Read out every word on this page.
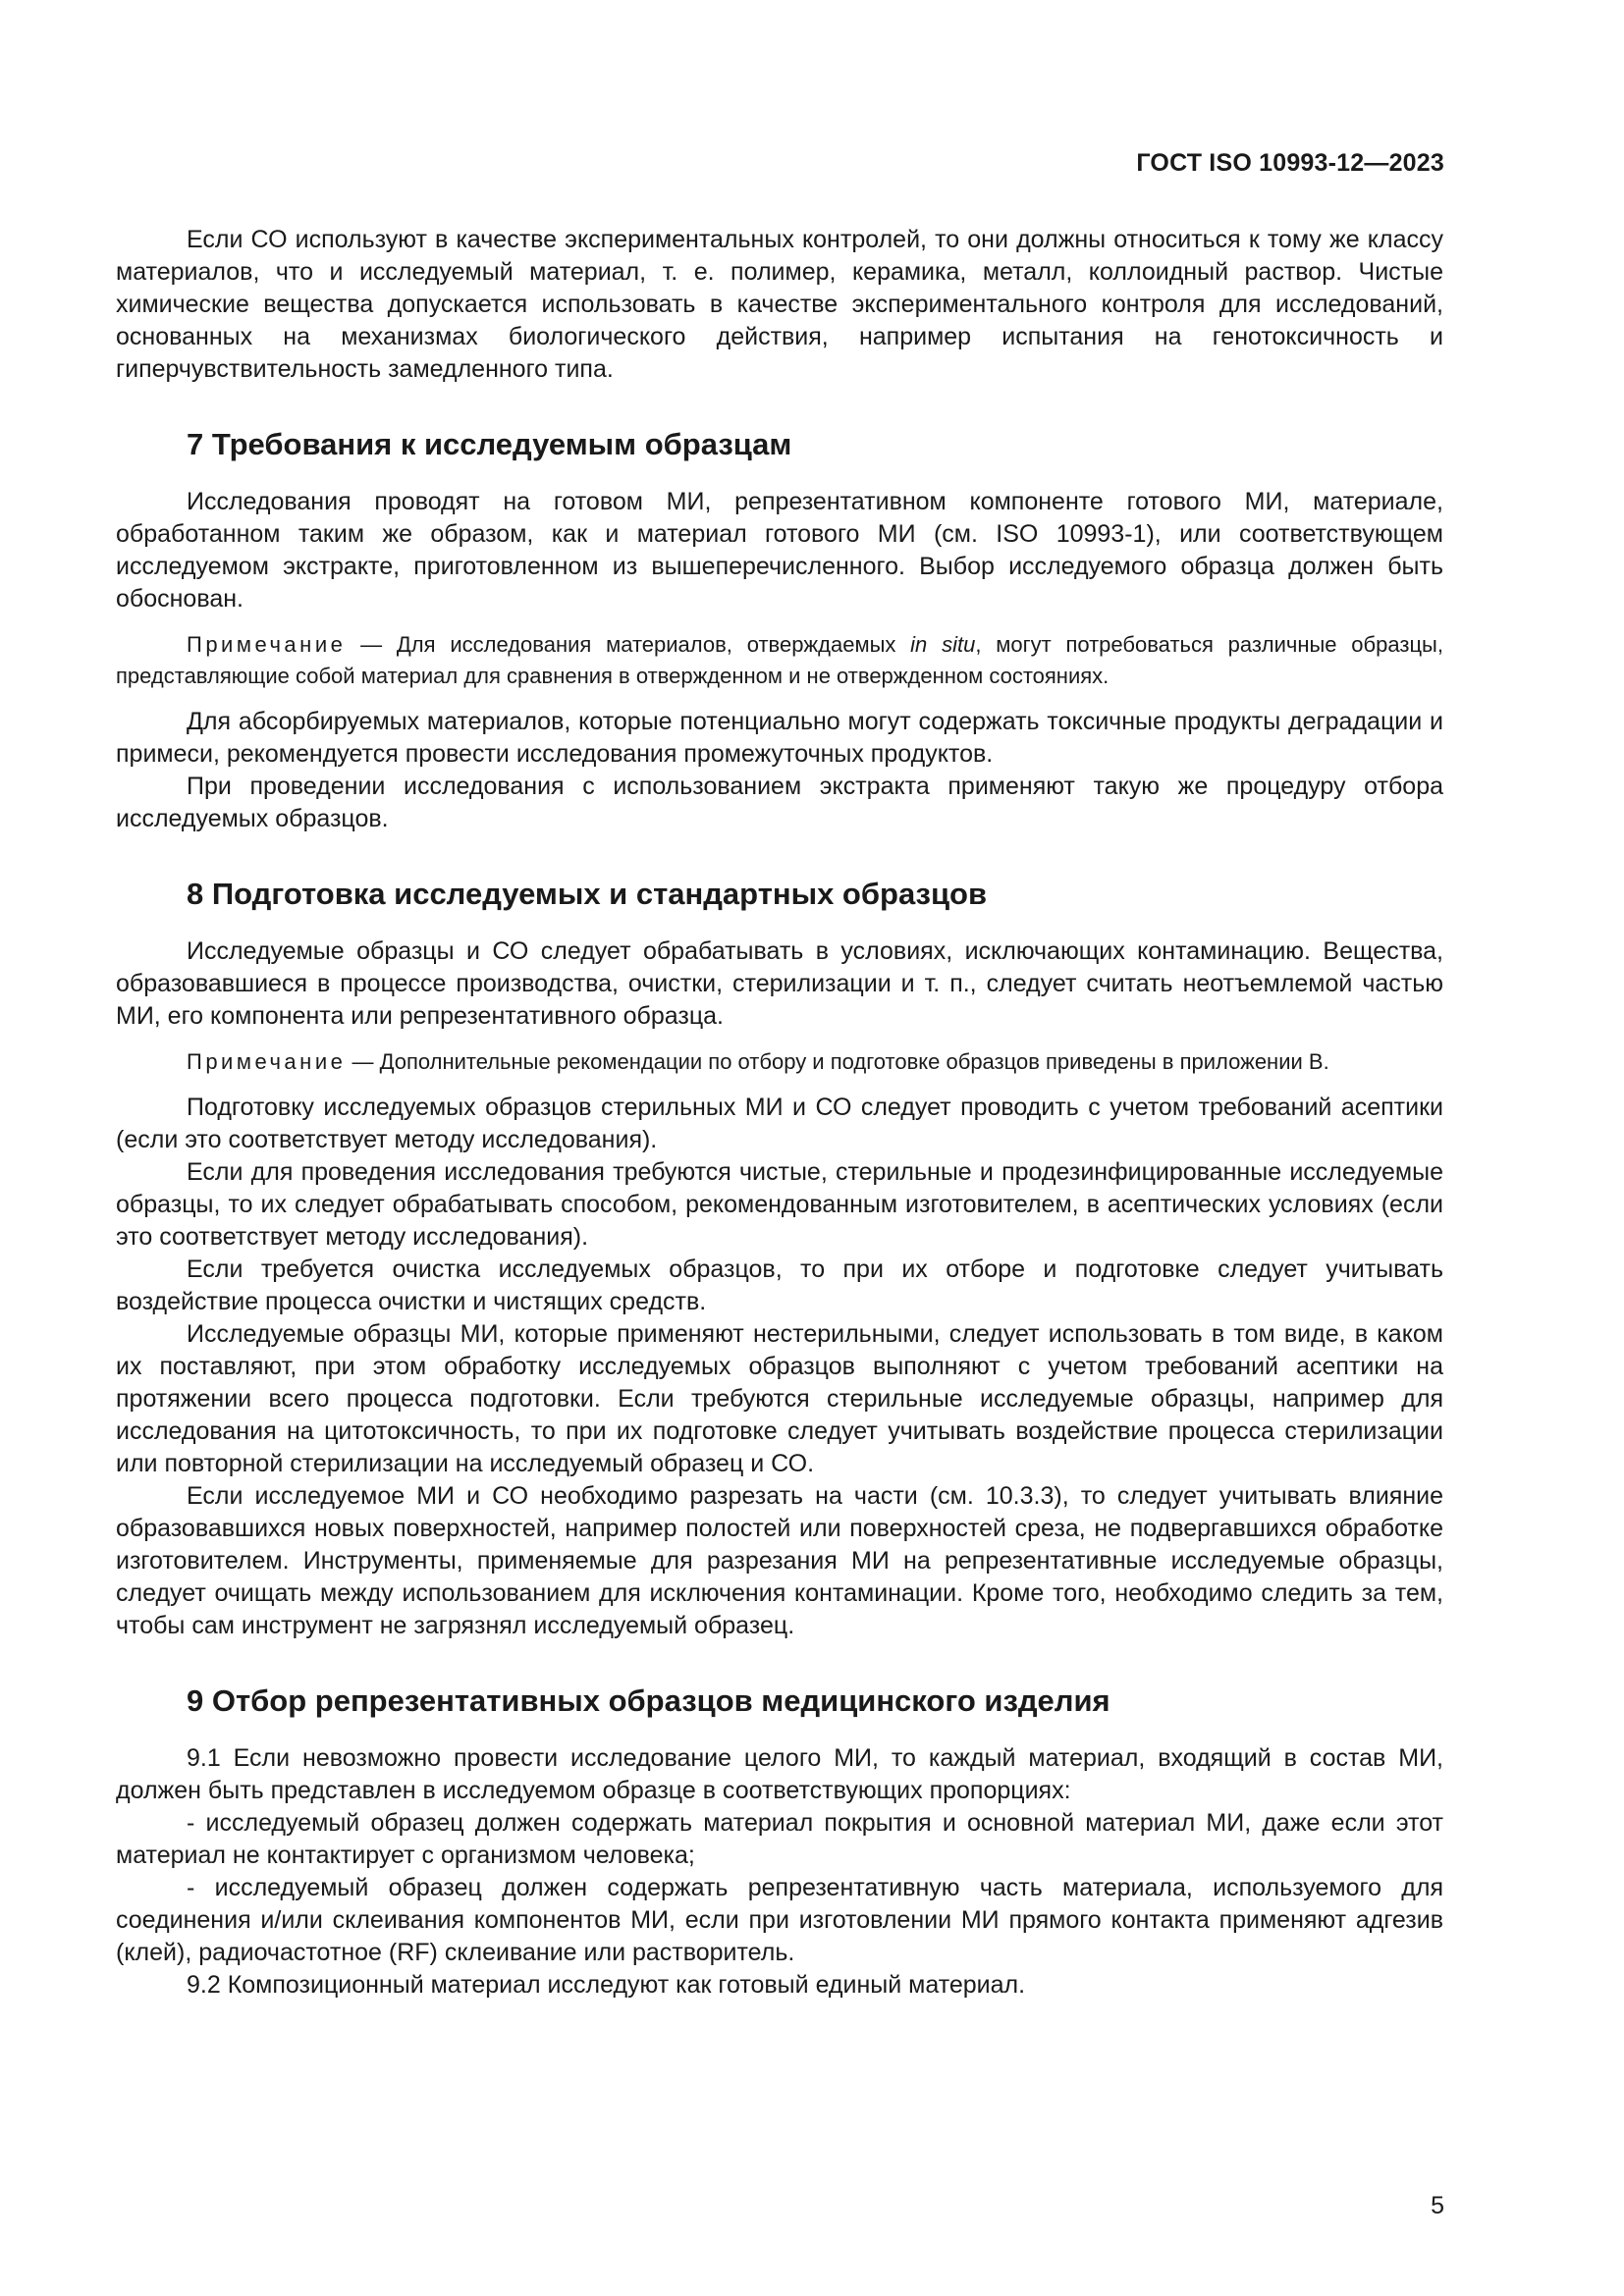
ГОСТ ISO 10993-12—2023

Если СО используют в качестве экспериментальных контролей, то они должны относиться к тому же классу материалов, что и исследуемый материал, т. е. полимер, керамика, металл, коллоидный раствор. Чистые химические вещества допускается использовать в качестве экспериментального контроля для исследований, основанных на механизмах биологического действия, например испытания на генотоксичность и гиперчувствительность замедленного типа.

7 Требования к исследуемым образцам

Исследования проводят на готовом МИ, репрезентативном компоненте готового МИ, материале, обработанном таким же образом, как и материал готового МИ (см. ISO 10993-1), или соответствующем исследуемом экстракте, приготовленном из вышеперечисленного. Выбор исследуемого образца должен быть обоснован.

Примечание — Для исследования материалов, отверждаемых in situ, могут потребоваться различные образцы, представляющие собой материал для сравнения в отвержденном и не отвержденном состояниях.

Для абсорбируемых материалов, которые потенциально могут содержать токсичные продукты деградации и примеси, рекомендуется провести исследования промежуточных продуктов.

При проведении исследования с использованием экстракта применяют такую же процедуру отбора исследуемых образцов.

8 Подготовка исследуемых и стандартных образцов

Исследуемые образцы и СО следует обрабатывать в условиях, исключающих контаминацию. Вещества, образовавшиеся в процессе производства, очистки, стерилизации и т. п., следует считать неотъемлемой частью МИ, его компонента или репрезентативного образца.

Примечание — Дополнительные рекомендации по отбору и подготовке образцов приведены в приложении В.

Подготовку исследуемых образцов стерильных МИ и СО следует проводить с учетом требований асептики (если это соответствует методу исследования).

Если для проведения исследования требуются чистые, стерильные и продезинфицированные исследуемые образцы, то их следует обрабатывать способом, рекомендованным изготовителем, в асептических условиях (если это соответствует методу исследования).

Если требуется очистка исследуемых образцов, то при их отборе и подготовке следует учитывать воздействие процесса очистки и чистящих средств.

Исследуемые образцы МИ, которые применяют нестерильными, следует использовать в том виде, в каком их поставляют, при этом обработку исследуемых образцов выполняют с учетом требований асептики на протяжении всего процесса подготовки. Если требуются стерильные исследуемые образцы, например для исследования на цитотоксичность, то при их подготовке следует учитывать воздействие процесса стерилизации или повторной стерилизации на исследуемый образец и СО.

Если исследуемое МИ и СО необходимо разрезать на части (см. 10.3.3), то следует учитывать влияние образовавшихся новых поверхностей, например полостей или поверхностей среза, не подвергавшихся обработке изготовителем. Инструменты, применяемые для разрезания МИ на репрезентативные исследуемые образцы, следует очищать между использованием для исключения контаминации. Кроме того, необходимо следить за тем, чтобы сам инструмент не загрязнял исследуемый образец.

9 Отбор репрезентативных образцов медицинского изделия

9.1 Если невозможно провести исследование целого МИ, то каждый материал, входящий в состав МИ, должен быть представлен в исследуемом образце в соответствующих пропорциях:

- исследуемый образец должен содержать материал покрытия и основной материал МИ, даже если этот материал не контактирует с организмом человека;

- исследуемый образец должен содержать репрезентативную часть материала, используемого для соединения и/или склеивания компонентов МИ, если при изготовлении МИ прямого контакта применяют адгезив (клей), радиочастотное (RF) склеивание или растворитель.

9.2 Композиционный материал исследуют как готовый единый материал.

5
